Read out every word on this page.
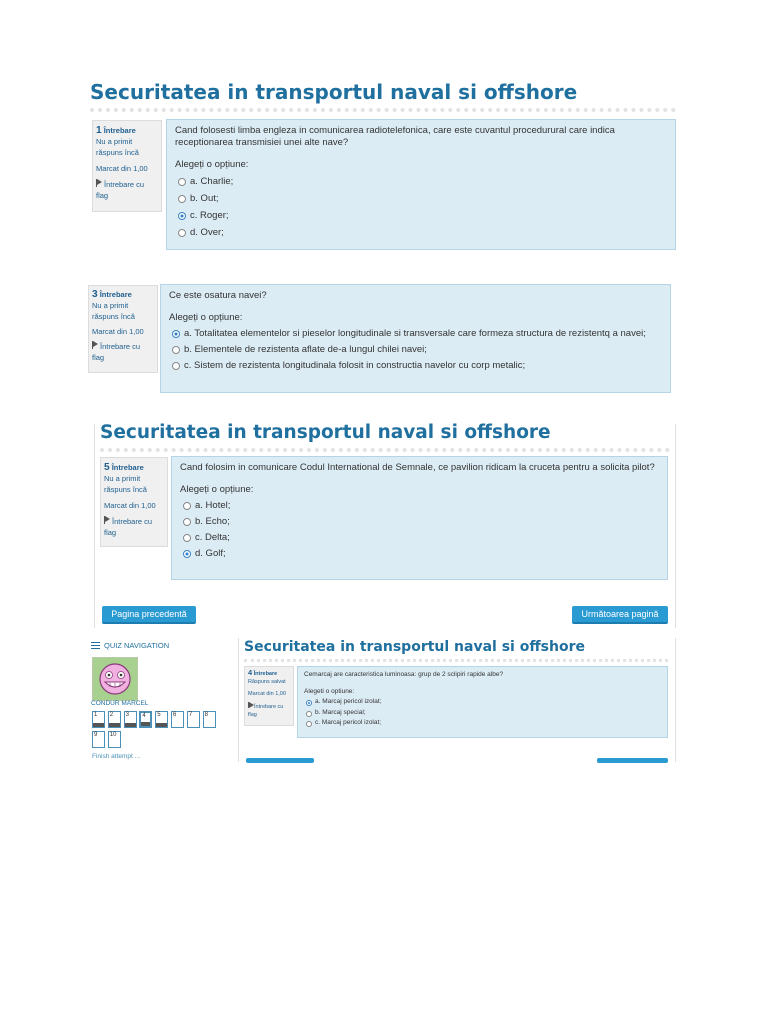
Securitatea in transportul naval si offshore
1 Întrebare
Nu a primit răspuns încă
Marcat din 1,00
Întrebare cu flag
Cand folosesti limba engleza in comunicarea radiotelefonica, care este cuvantul procedurural care indica receptionarea transmisiei unei alte nave?
Alegeți o opțiune:
a. Charlie;
b. Out;
c. Roger;
d. Over;
3 Întrebare
Nu a primit răspuns încă
Marcat din 1,00
Întrebare cu flag
Ce este osatura navei?
Alegeți o opțiune:
a. Totalitatea elementelor si pieselor longitudinale si transversale care formeza structura de rezistentq a navei;
b. Elementele de rezistenta aflate de-a lungul chilei navei;
c. Sistem de rezistenta longitudinala folosit in constructia navelor cu corp metalic;
Securitatea in transportul naval si offshore
5 Întrebare
Nu a primit răspuns încă
Marcat din 1,00
Întrebare cu flag
Cand folosim in comunicare Codul International de Semnale, ce pavilion ridicam la cruceta pentru a solicita pilot?
Alegeți o opțiune:
a. Hotel;
b. Echo;
c. Delta;
d. Golf;
Pagina precedentă	Următoarea pagină
QUIZ NAVIGATION
CONDUR MARCEL
1	2	3	4	5	6	7	8
9	10
Finish attempt ...
Securitatea in transportul naval si offshore
4 Întrebare
Răspuns salvat
Marcat din 1,00
Întrebare cu flag
Cemarcaj are caracteristica luminoasa: grup de 2 sclipiri rapide albe?
Alegeti o optiune:
a. Marcaj pericol izolat;
b. Marcaj special;
c. Marcaj pericol izolat;
